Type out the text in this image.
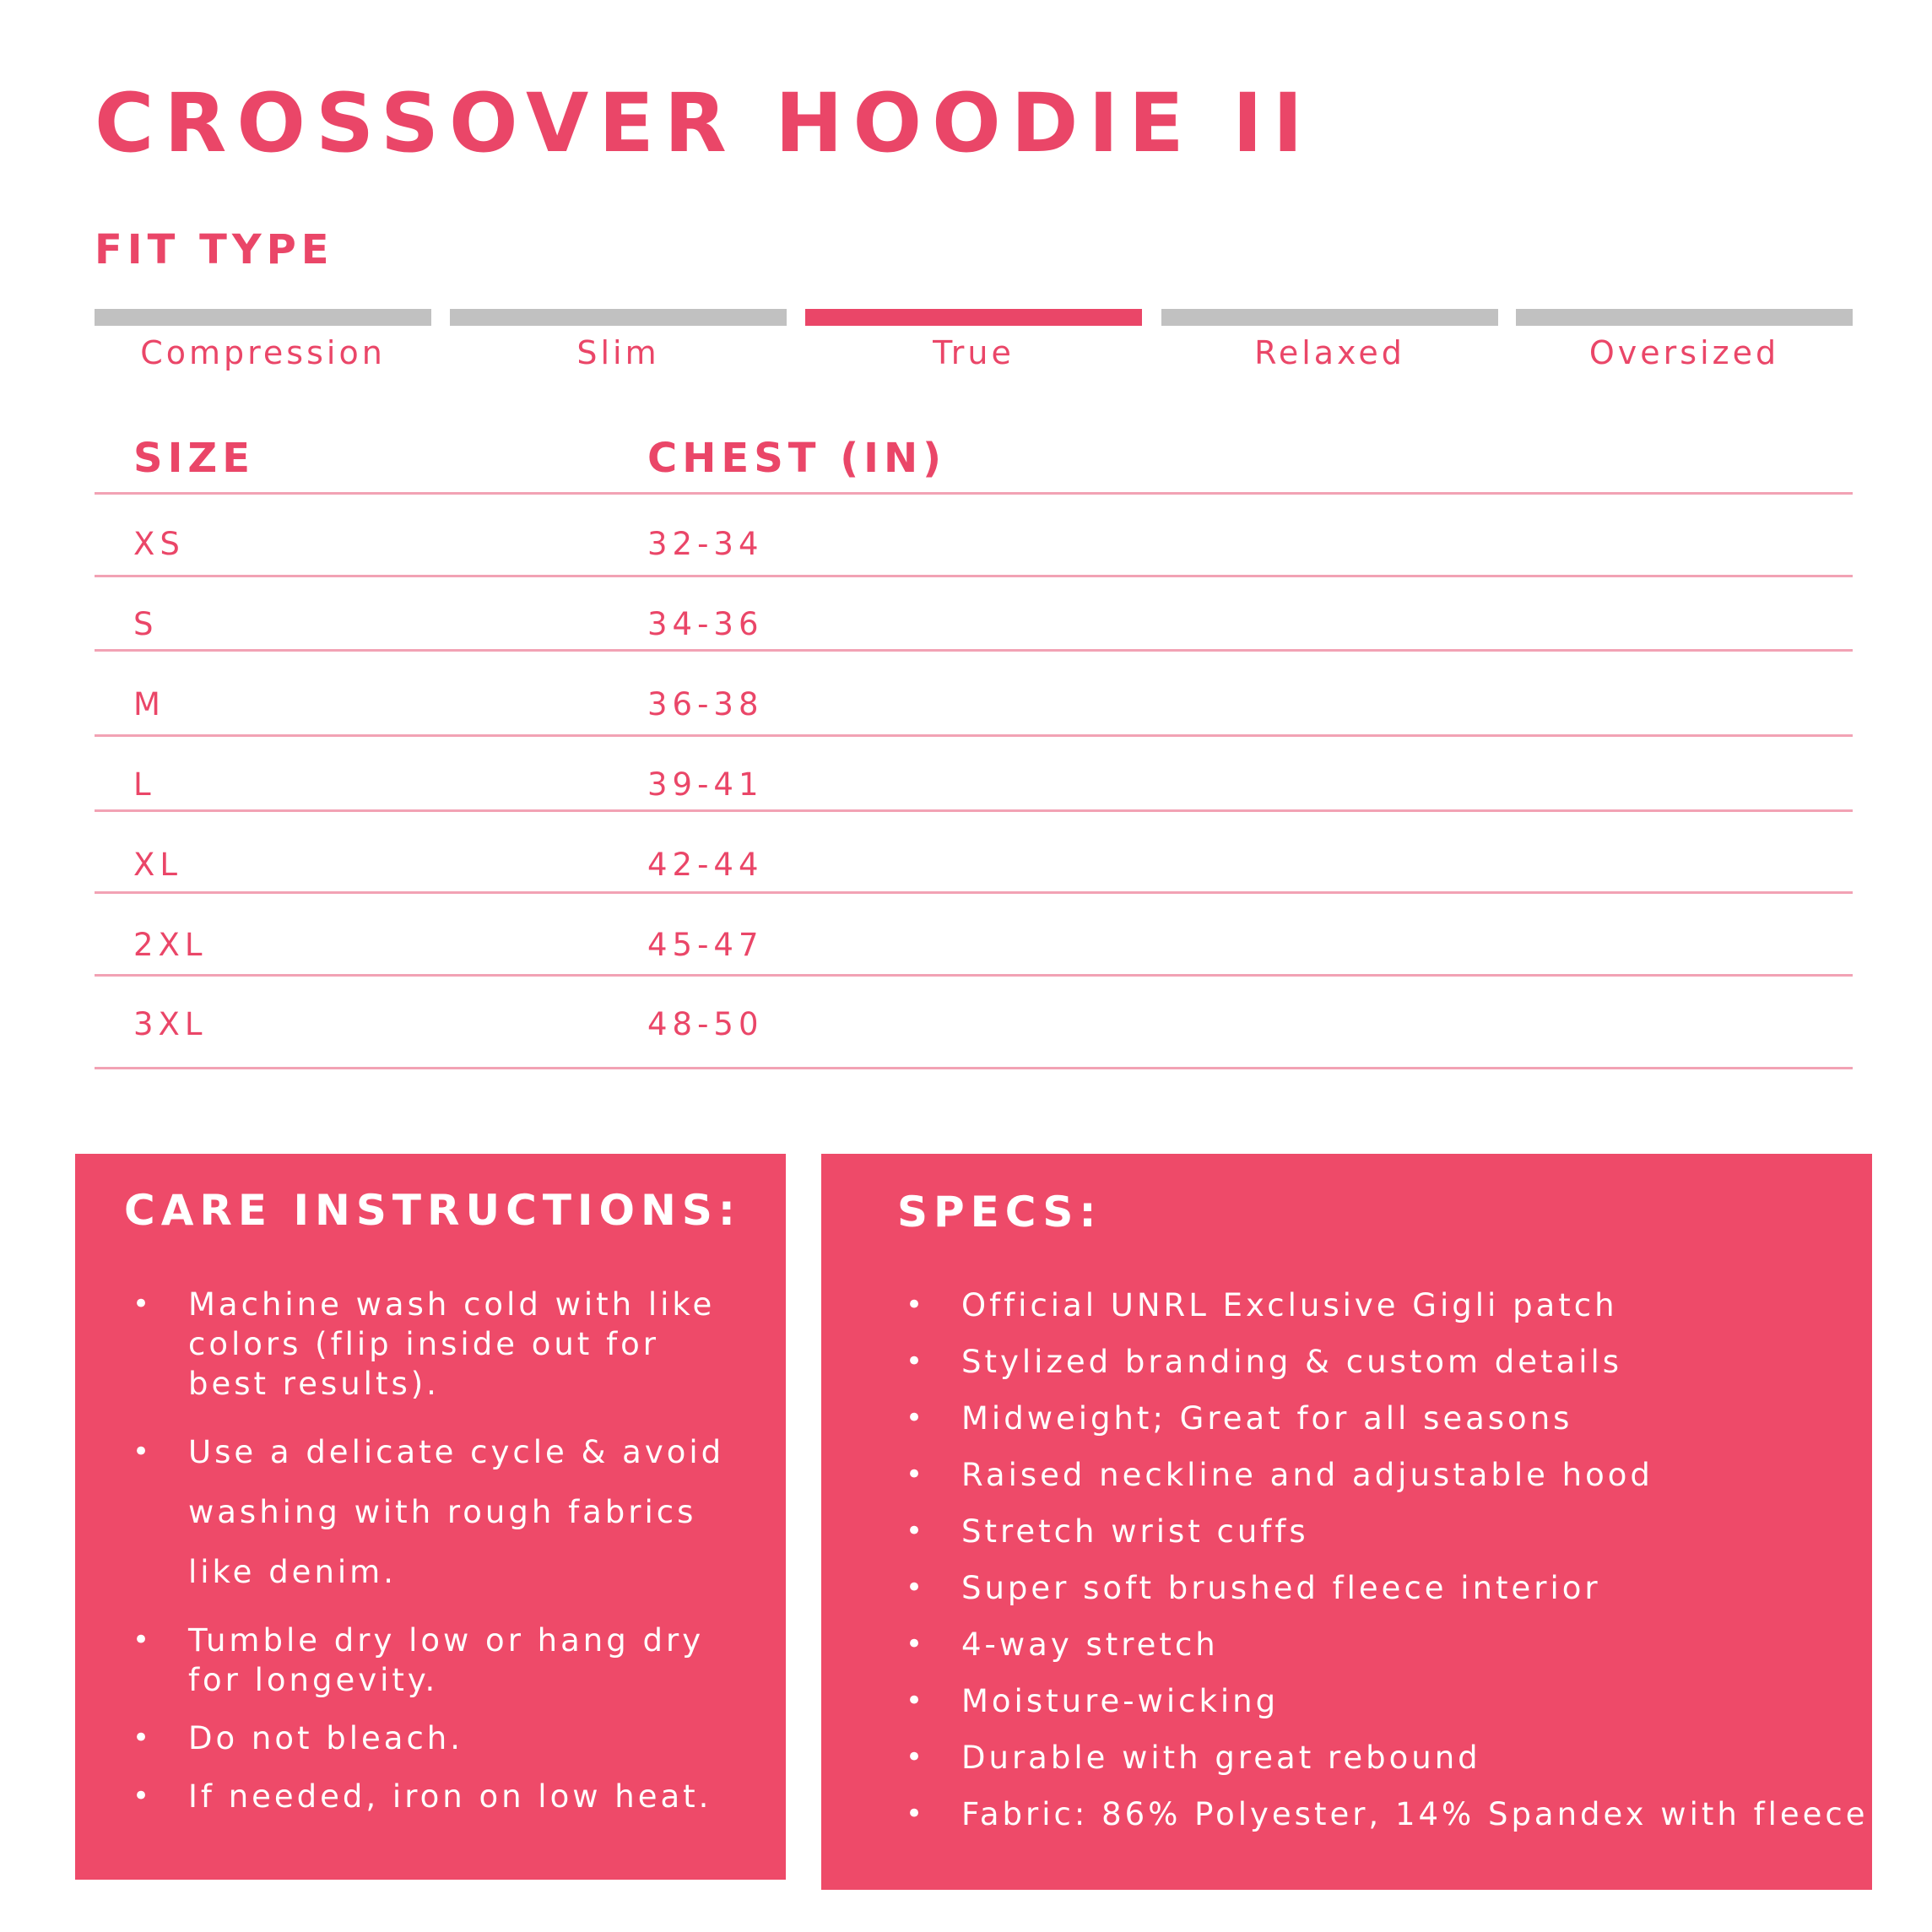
CROSSOVER HOODIE II
FIT TYPE
Compression	Slim	True	Relaxed	Oversized
SIZE	CHEST (IN)
XS	32-34
S	34-36
M	36-38
L	39-41
XL	42-44
2XL	45-47
3XL	48-50
CARE INSTRUCTIONS:
• Machine wash cold with like colors (flip inside out for best results).
• Use a delicate cycle & avoid washing with rough fabrics like denim.
• Tumble dry low or hang dry for longevity.
• Do not bleach.
• If needed, iron on low heat.
SPECS:
• Official UNRL Exclusive Gigli patch
• Stylized branding & custom details
• Midweight; Great for all seasons
• Raised neckline and adjustable hood
• Stretch wrist cuffs
• Super soft brushed fleece interior
• 4-way stretch
• Moisture-wicking
• Durable with great rebound
• Fabric: 86% Polyester, 14% Spandex with fleece
